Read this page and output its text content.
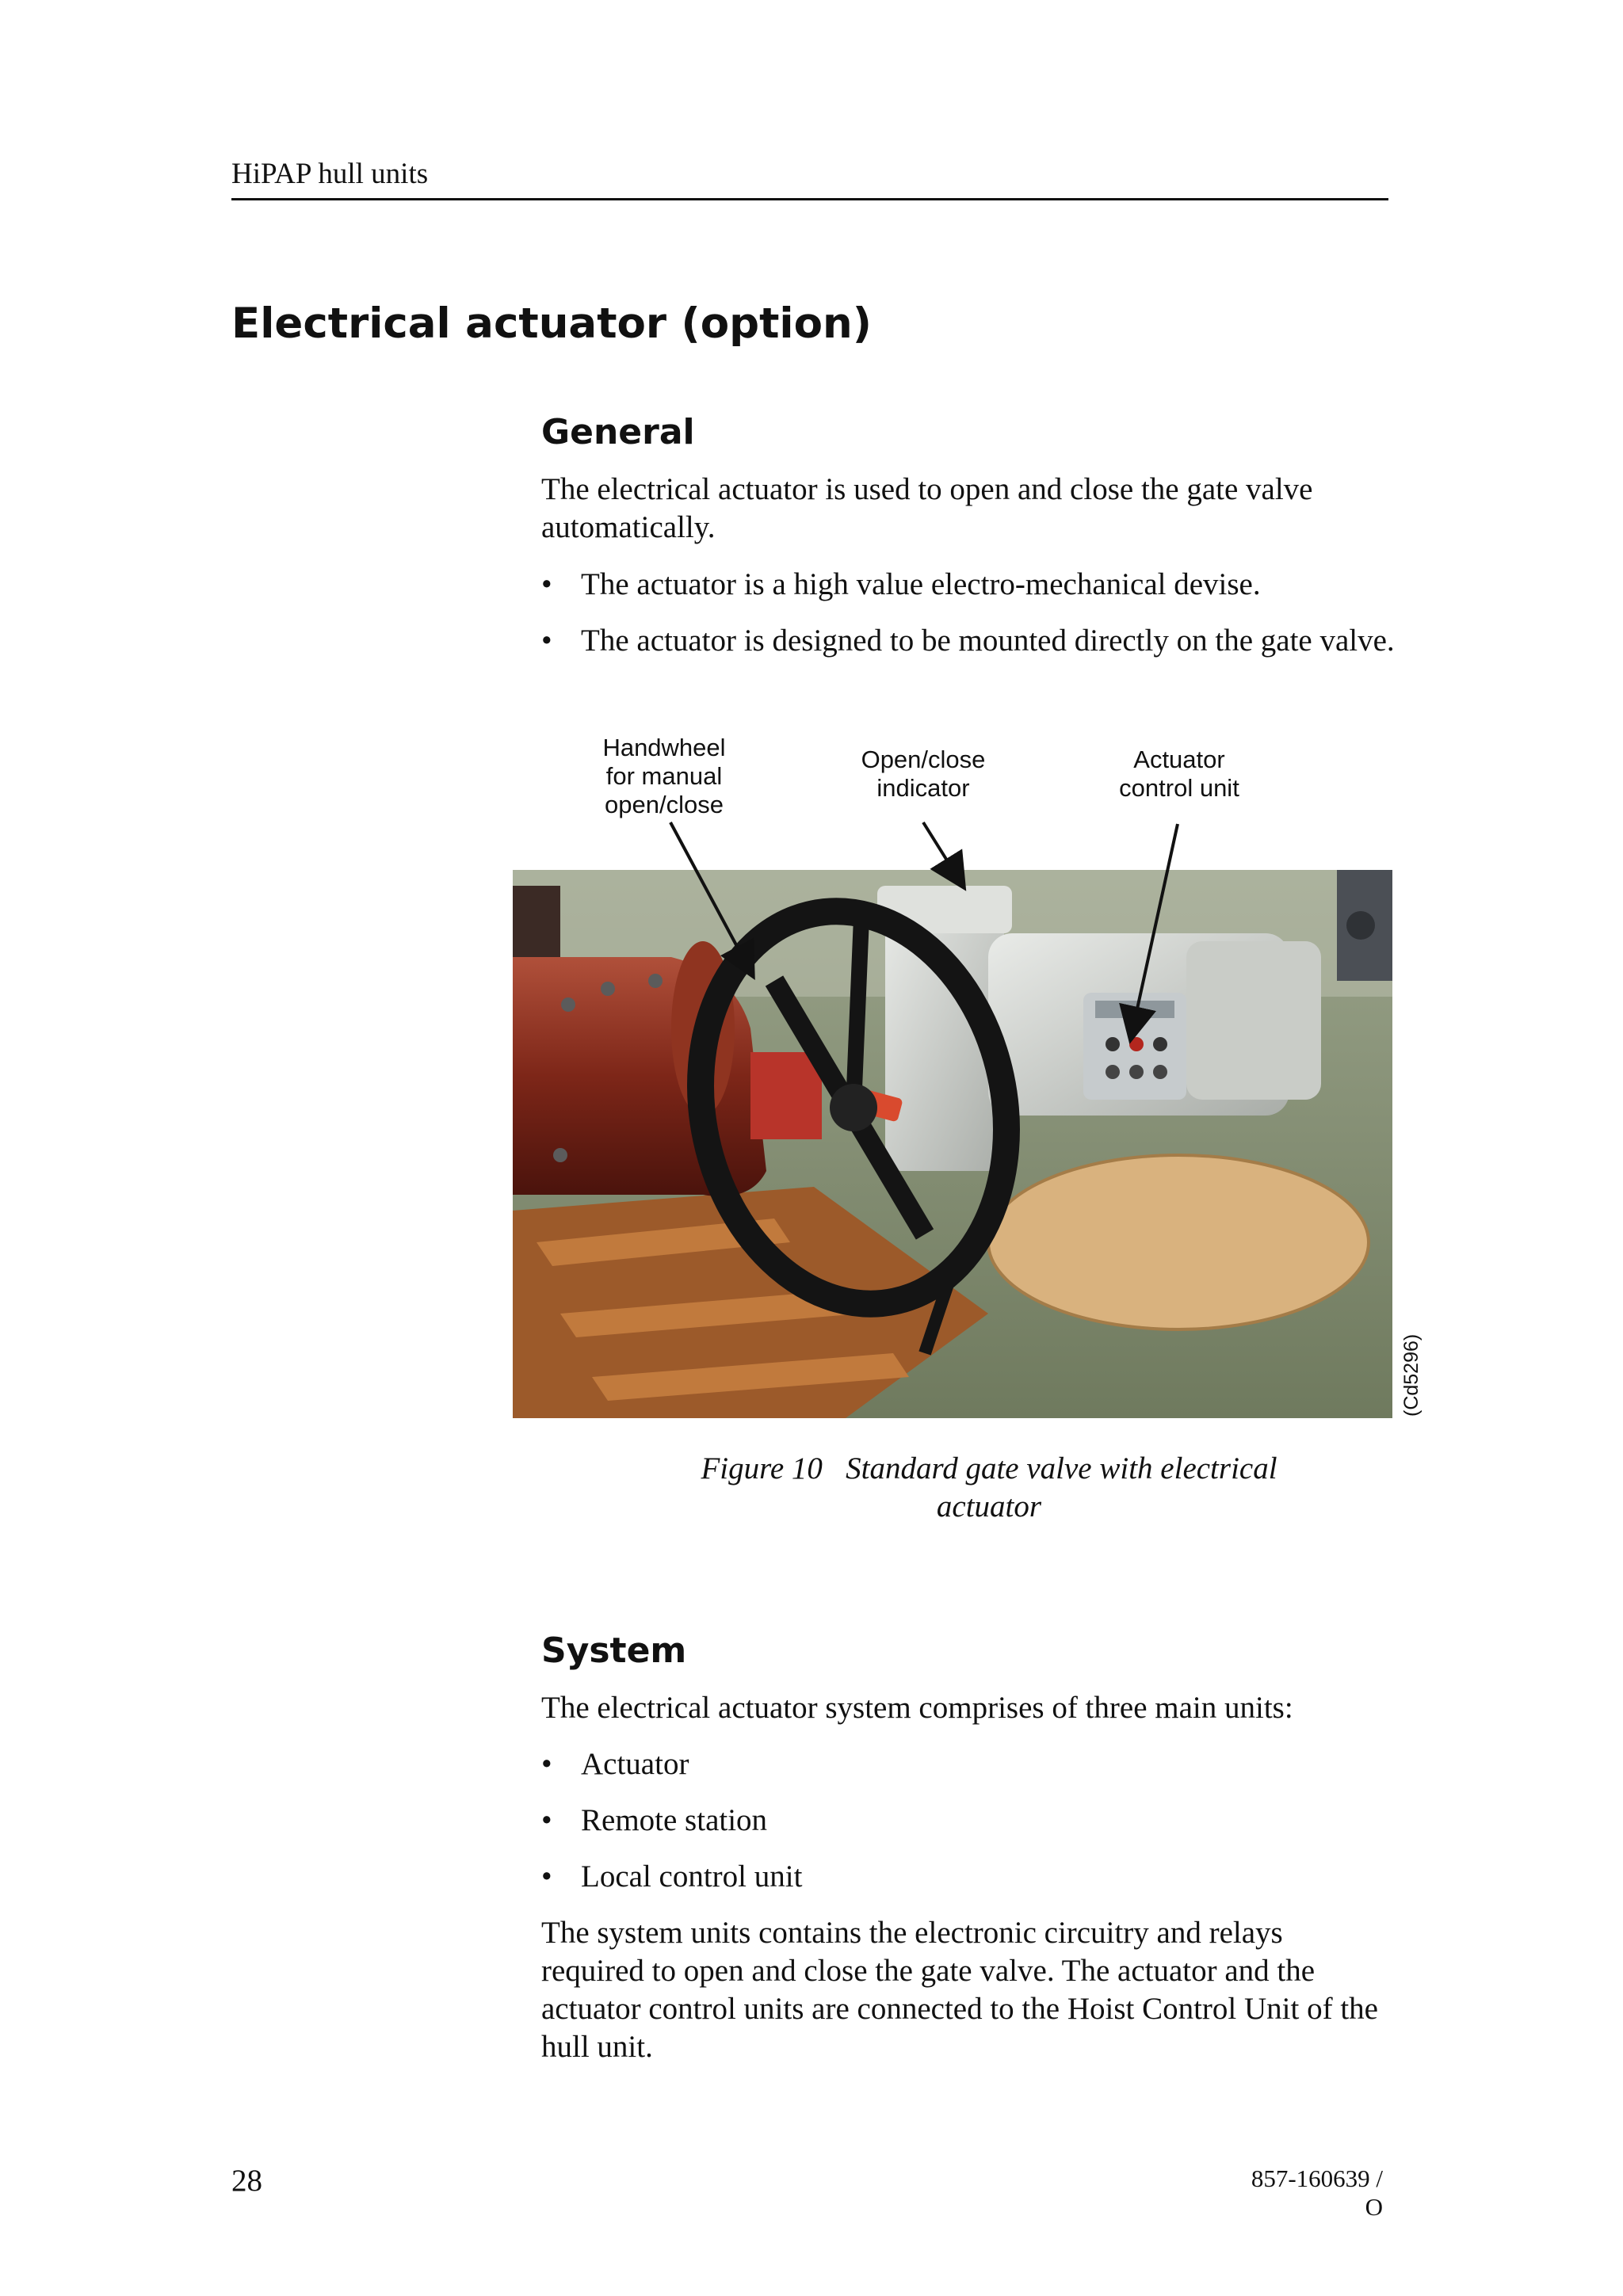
HiPAP hull units
Electrical actuator (option)
General
The electrical actuator is used to open and close the gate valve automatically.
• The actuator is a high value electro-mechanical devise.
• The actuator is designed to be mounted directly on the gate valve.
Handwheel
for manual
open/close
Open/close
indicator
Actuator
control unit
(Cd5296)
Figure 10   Standard gate valve with electrical
actuator
System
The electrical actuator system comprises of three main units:
• Actuator
• Remote station
• Local control unit
The system units contains the electronic circuitry and relays required to open and close the gate valve. The actuator and the actuator control units are connected to the Hoist Control Unit of the hull unit.
28	857-160639 / O
